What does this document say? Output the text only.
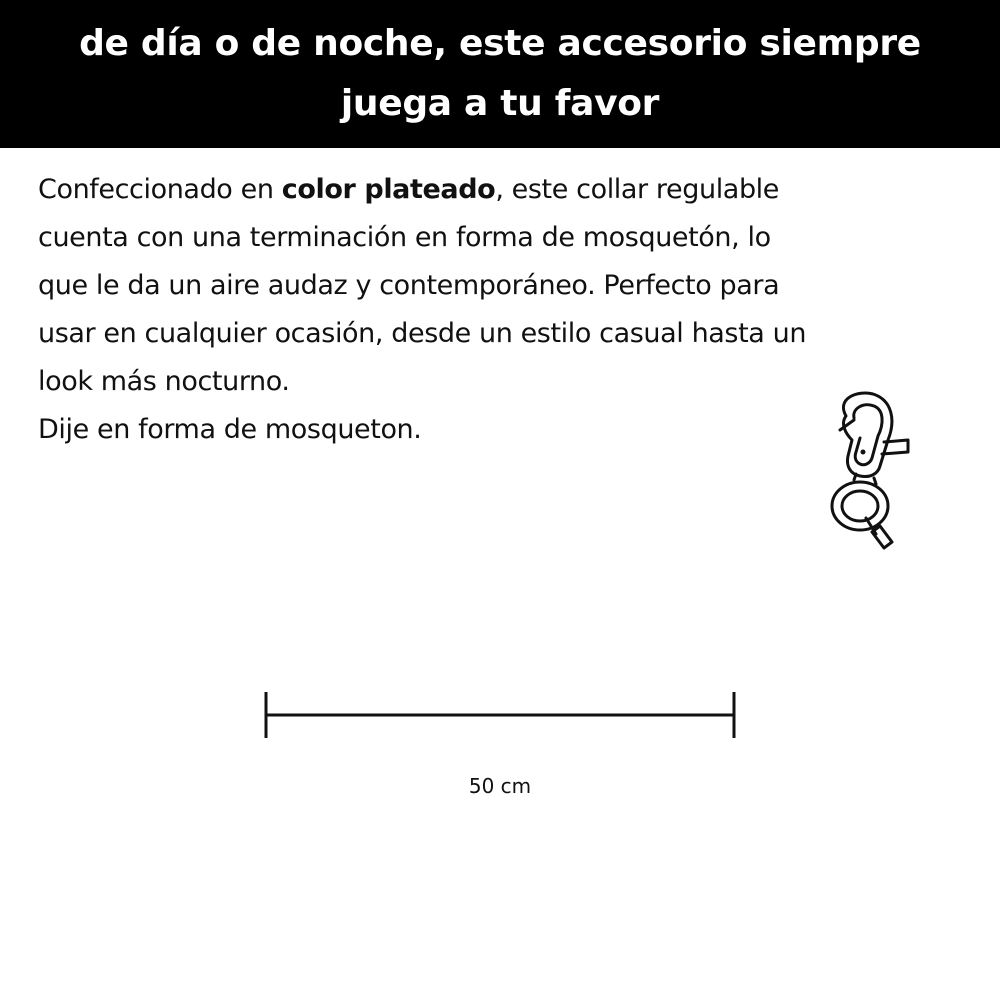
de día o de noche, este accesorio siempre
juega a tu favor

Confeccionado en color plateado, este collar regulable

cuenta con una terminación en forma de mosquetón, lo

que le da un aire audaz y contemporáneo. Perfecto para

usar en cualquier ocasión, desde un estilo casual hasta un

look más nocturno.

Dije en forma de mosqueton.

50 cm
